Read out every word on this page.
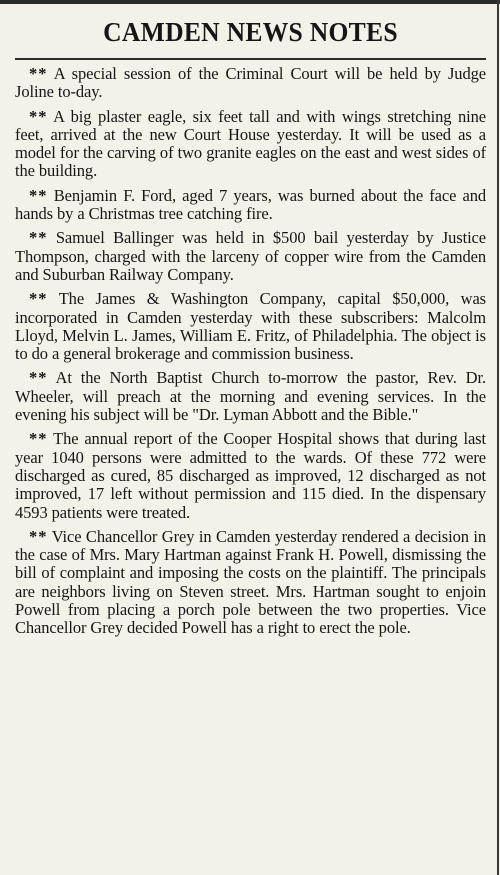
CAMDEN NEWS NOTES

** A special session of the Criminal Court will be held by Judge Joline to-day.

** A big plaster eagle, six feet tall and with wings stretching nine feet, arrived at the new Court House yesterday. It will be used as a model for the carving of two granite eagles on the east and west sides of the building.

** Benjamin F. Ford, aged 7 years, was burned about the face and hands by a Christmas tree catching fire.

** Samuel Ballinger was held in $500 bail yesterday by Justice Thompson, charged with the larceny of copper wire from the Camden and Suburban Railway Company.

** The James & Washington Company, capital $50,000, was incorporated in Camden yesterday with these subscribers: Malcolm Lloyd, Melvin L. James, William E. Fritz, of Philadelphia. The object is to do a general brokerage and commission business.

** At the North Baptist Church to-morrow the pastor, Rev. Dr. Wheeler, will preach at the morning and evening services. In the evening his subject will be "Dr. Lyman Abbott and the Bible."

** The annual report of the Cooper Hospital shows that during last year 1040 persons were admitted to the wards. Of these 772 were discharged as cured, 85 discharged as improved, 12 discharged as not improved, 17 left without permission and 115 died. In the dispensary 4593 patients were treated.

** Vice Chancellor Grey in Camden yesterday rendered a decision in the case of Mrs. Mary Hartman against Frank H. Powell, dismissing the bill of complaint and imposing the costs on the plaintiff. The principals are neighbors living on Steven street. Mrs. Hartman sought to enjoin Powell from placing a porch pole between the two properties. Vice Chancellor Grey decided Powell has a right to erect the pole.
